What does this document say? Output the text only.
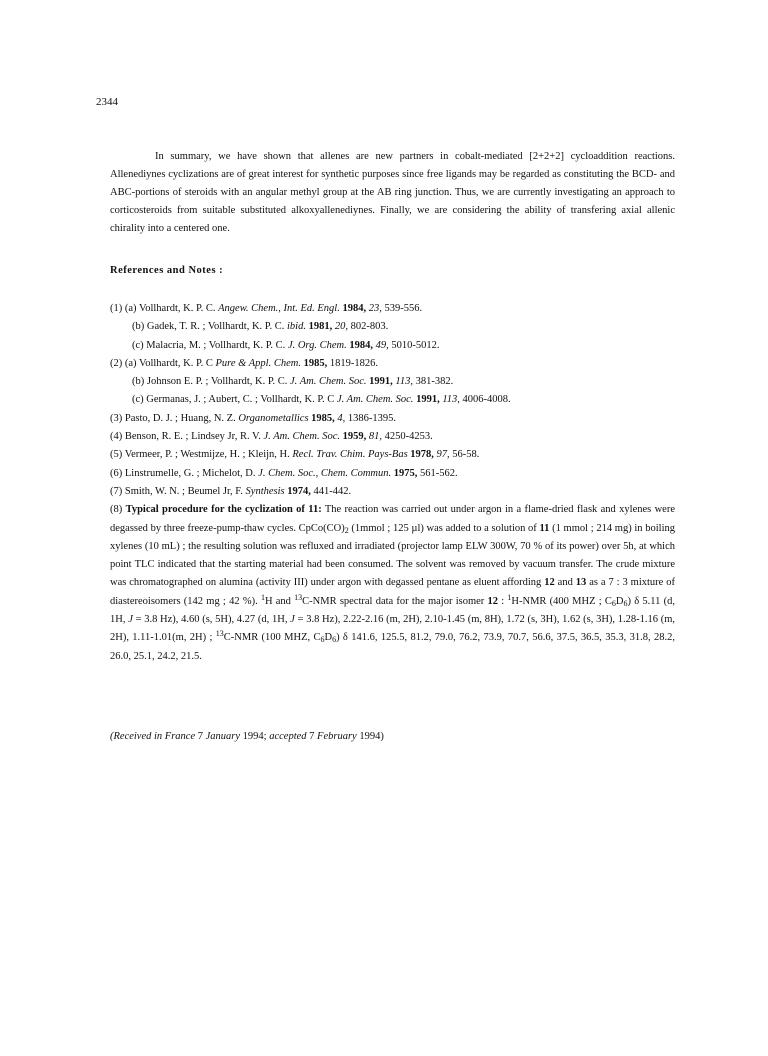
2344

In summary, we have shown that allenes are new partners in cobalt-mediated [2+2+2] cycloaddition reactions. Allenediynes cyclizations are of great interest for synthetic purposes since free ligands may be regarded as constituting the BCD- and ABC-portions of steroids with an angular methyl group at the AB ring junction. Thus, we are currently investigating an approach to corticosteroids from suitable substituted alkoxyallenediynes. Finally, we are considering the ability of transfering axial allenic chirality into a centered one.

References and Notes :
(1) (a) Vollhardt, K. P. C. Angew. Chem., Int. Ed. Engl. 1984, 23, 539-556.
(b) Gadek, T. R. ; Vollhardt, K. P. C. ibid. 1981, 20, 802-803.
(c) Malacria, M. ; Vollhardt, K. P. C. J. Org. Chem. 1984, 49, 5010-5012.
(2) (a) Vollhardt, K. P. C Pure & Appl. Chem. 1985, 1819-1826.
(b) Johnson E. P. ; Vollhardt, K. P. C. J. Am. Chem. Soc. 1991, 113, 381-382.
(c) Germanas, J. ; Aubert, C. ; Vollhardt, K. P. C J. Am. Chem. Soc. 1991, 113, 4006-4008.
(3) Pasto, D. J. ; Huang, N. Z. Organometallics 1985, 4, 1386-1395.
(4) Benson, R. E. ; Lindsey Jr, R. V. J. Am. Chem. Soc. 1959, 81, 4250-4253.
(5) Vermeer, P. ; Westmijze, H. ; Kleijn, H. Recl. Trav. Chim. Pays-Bas 1978, 97, 56-58.
(6) Linstrumelle, G. ; Michelot, D. J. Chem. Soc., Chem. Commun. 1975, 561-562.
(7) Smith, W. N. ; Beumel Jr, F. Synthesis 1974, 441-442.
(8) Typical procedure for the cyclization of 11: The reaction was carried out under argon in a flame-dried flask and xylenes were degassed by three freeze-pump-thaw cycles. $CpCo(CO)_2$ (1mmol ; 125 µl) was added to a solution of 11 (1 mmol ; 214 mg) in boiling xylenes (10 mL) ; the resulting solution was refluxed and irradiated (projector lamp ELW 300W, 70 % of its power) over 5h, at which point TLC indicated that the starting material had been consumed. The solvent was removed by vacuum transfer. The crude mixture was chromatographed on alumina (activity III) under argon with degassed pentane as eluent affording 12 and 13 as a 7 : 3 mixture of diastereoisomers (142 mg ; 42 %). $^1$H and $^{13}$C-NMR spectral data for the major isomer 12 : $^1$H-NMR (400 MHZ ; $C_6D_6$) δ 5.11 (d, 1H, J = 3.8 Hz), 4.60 (s, 5H), 4.27 (d, 1H, J = 3.8 Hz), 2.22-2.16 (m, 2H), 2.10-1.45 (m, 8H), 1.72 (s, 3H), 1.62 (s, 3H), 1.28-1.16 (m, 2H), 1.11-1.01(m, 2H) ; $^{13}$C-NMR (100 MHZ, $C_6D_6$) δ 141.6, 125.5, 81.2, 79.0, 76.2, 73.9, 70.7, 56.6, 37.5, 36.5, 35.3, 31.8, 28.2, 26.0, 25.1, 24.2, 21.5.
(Received in France 7 January 1994; accepted 7 February 1994)
